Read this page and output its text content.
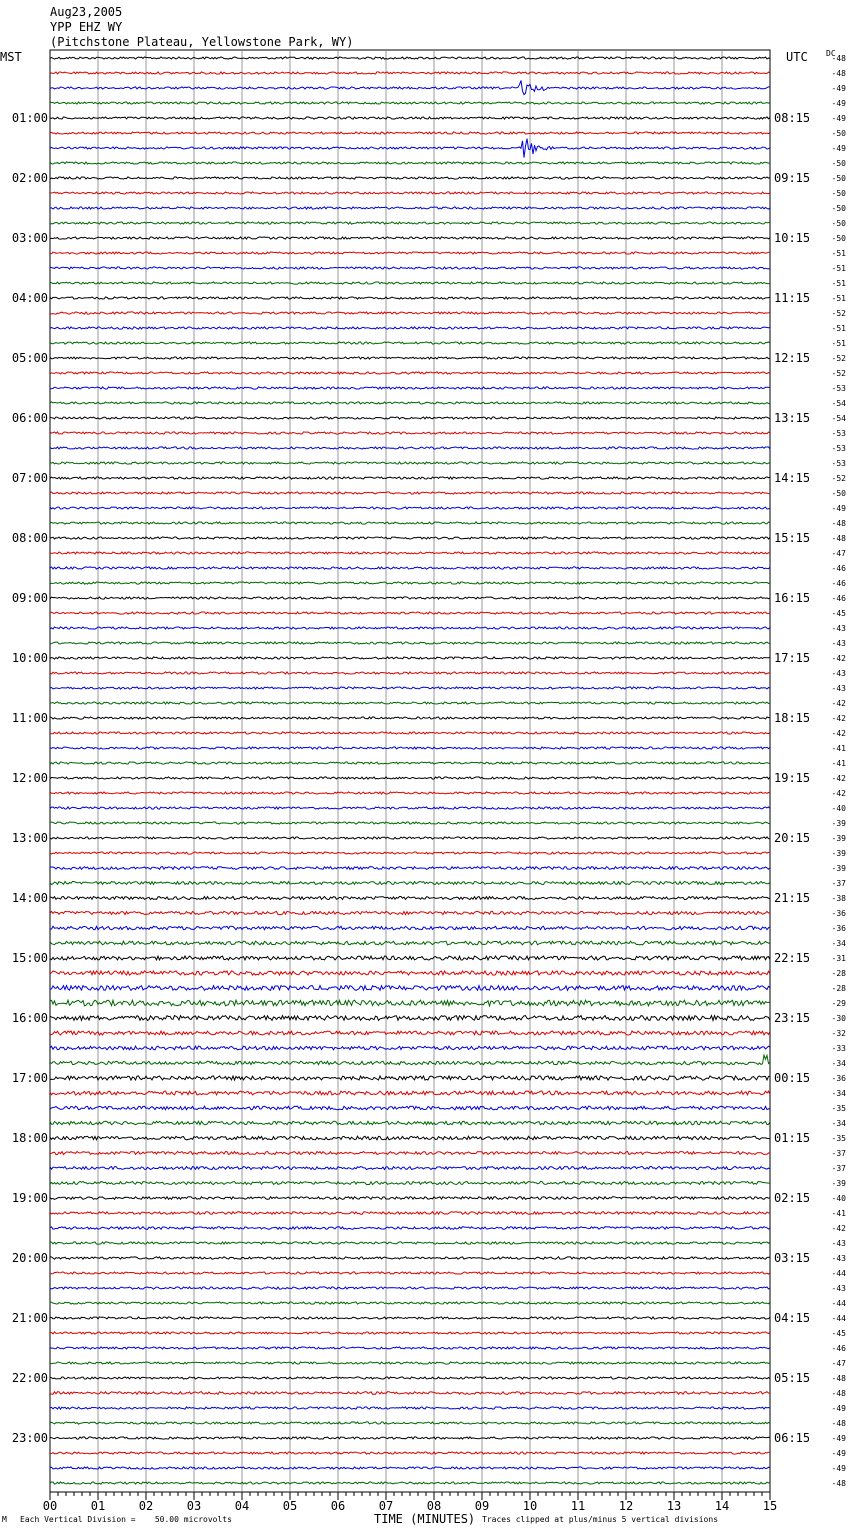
Aug23,2005
YPP EHZ WY
(Pitchstone Plateau, Yellowstone Park, WY)
MST	UTC DC
00	01	02	03	04	05	06	07	08	09	10	11	12	13	14	15
01:00
02:00
03:00
04:00
05:00
06:00
07:00
08:00
09:00
10:00
11:00
12:00
13:00
14:00
15:00
16:00
17:00
18:00
19:00
20:00
21:00
22:00
23:00
08:15
09:15
10:15
11:15
12:15
13:15
14:15
15:15
16:15
17:15
18:15
19:15
20:15
21:15
22:15
23:15
00:15
01:15
02:15
03:15
04:15
05:15
06:15
-48
-48
-49
-49
-49
-50
-49
-50
-50
-50
-50
-50
-50
-51
-51
-51
-51
-52
-51
-51
-52
-52
-53
-54
-54
-53
-53
-53
-52
-50
-49
-48
-48
-47
-46
-46
-46
-45
-43
-43
-42
-43
-43
-42
-42
-42
-41
-41
-42
-42
-40
-39
-39
-39
-39
-37
-38
-36
-36
-34
-31
-28
-28
-29
-30
-32
-33
-34
-36
-34
-35
-34
-35
-37
-37
-39
-40
-41
-42
-43
-43
-44
-43
-44
-44
-45
-46
-47
-48
-48
-49
-48
-49
-49
-49
-48
M Each Vertical Division =    50.00 microvolts	TIME (MINUTES) Traces clipped at plus/minus 5 vertical divisions
